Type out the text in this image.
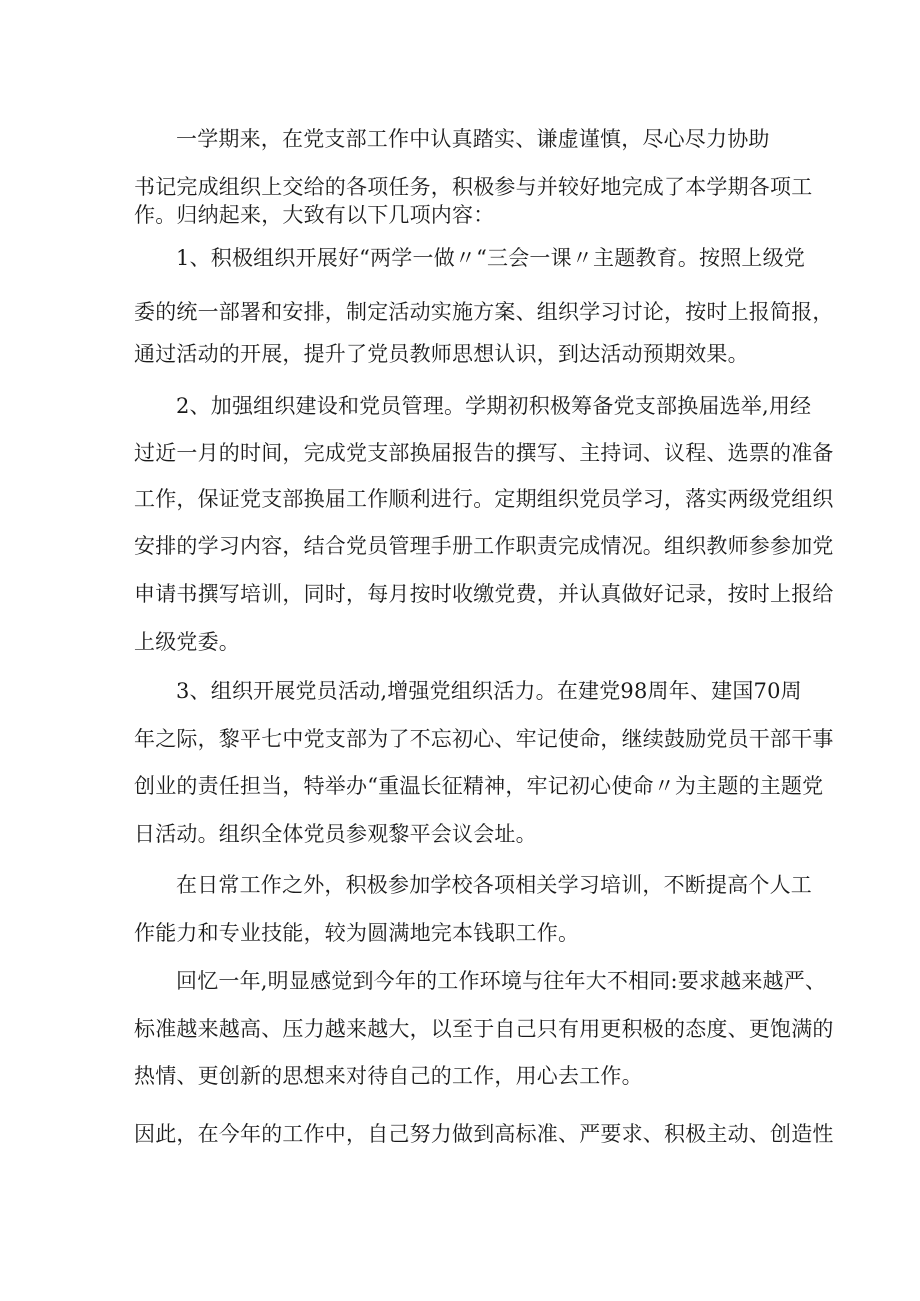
一学期来，在党支部工作中认真踏实、谦虚谨慎，尽心尽力协助
书记完成组织上交给的各项任务，积极参与并较好地完成了本学期各项工
作。归纳起来，大致有以下几项内容：
1、积极组织开展好“两学一做〃“三会一课〃主题教育。按照上级党
委的统一部署和安排，制定活动实施方案、组织学习讨论，按时上报简报，
通过活动的开展，提升了党员教师思想认识，到达活动预期效果。
2、加强组织建设和党员管理。学期初积极筹备党支部换届选举,用经
过近一月的时间，完成党支部换届报告的撰写、主持词、议程、选票的准备
工作，保证党支部换届工作顺利进行。定期组织党员学习，落实两级党组织
安排的学习内容，结合党员管理手册工作职责完成情况。组织教师参参加党
申请书撰写培训，同时，每月按时收缴党费，并认真做好记录，按时上报给
上级党委。
3、组织开展党员活动,增强党组织活力。在建党98周年、建国70周
年之际，黎平七中党支部为了不忘初心、牢记使命，继续鼓励党员干部干事
创业的责任担当，特举办“重温长征精神，牢记初心使命〃为主题的主题党
日活动。组织全体党员参观黎平会议会址。
在日常工作之外，积极参加学校各项相关学习培训，不断提高个人工
作能力和专业技能，较为圆满地完本钱职工作。
回忆一年,明显感觉到今年的工作环境与往年大不相同:要求越来越严、
标准越来越高、压力越来越大，以至于自己只有用更积极的态度、更饱满的
热情、更创新的思想来对待自己的工作，用心去工作。
因此，在今年的工作中，自己努力做到高标准、严要求、积极主动、创造性
